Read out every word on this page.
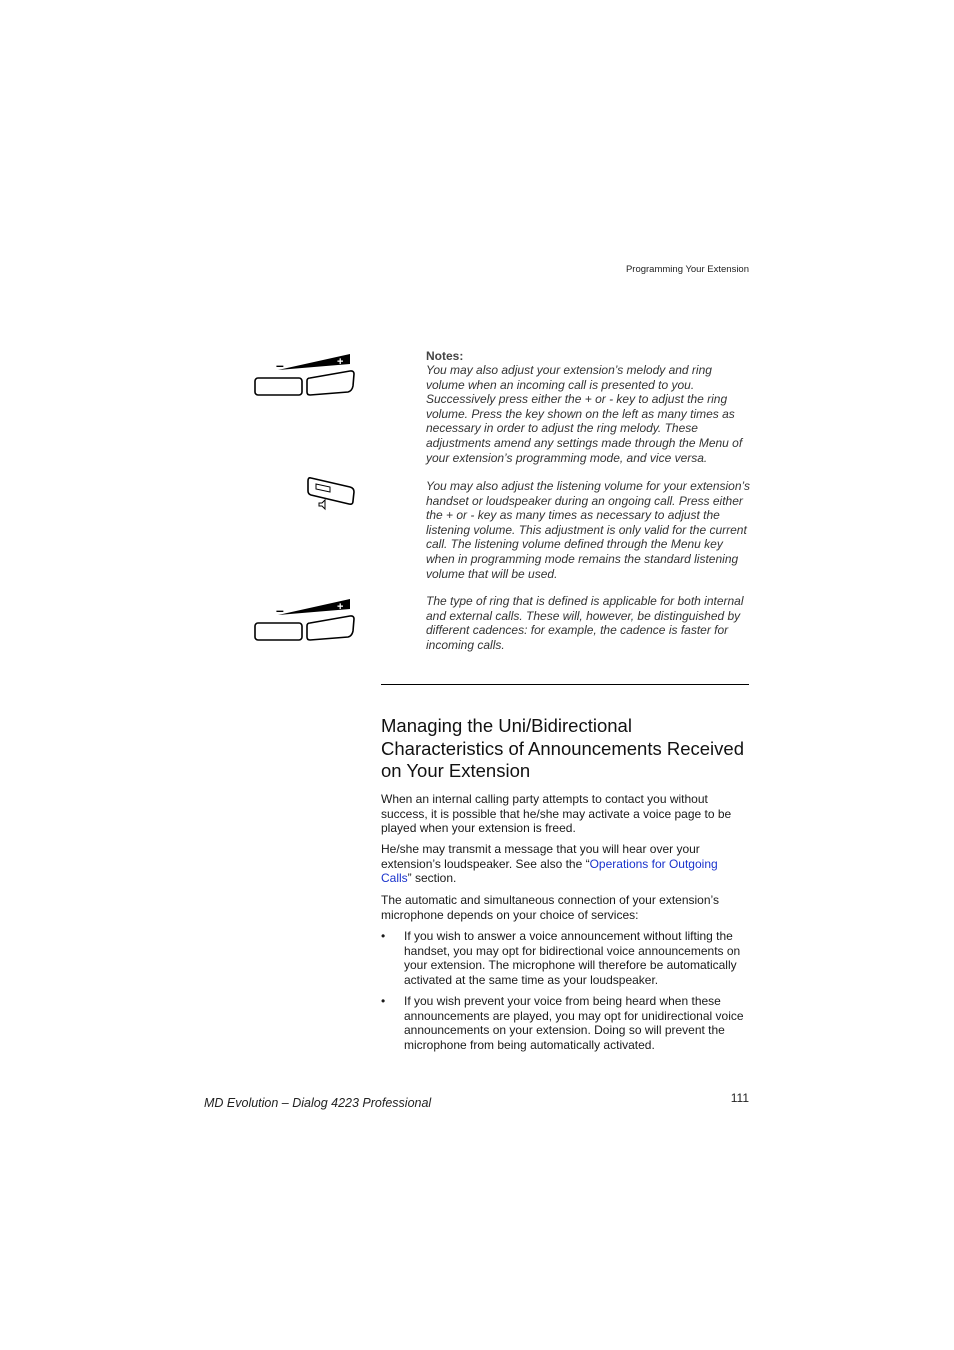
Programming Your Extension
–	+
–	+
Notes:
You may also adjust your extension’s melody and ring volume when an incoming call is presented to you. Successively press either the + or - key to adjust the ring volume. Press the key shown on the left as many times as necessary in order to adjust the ring melody. These adjustments amend any settings made through the Menu of your extension’s programming mode, and vice versa.
You may also adjust the listening volume for your extension’s handset or loudspeaker during an ongoing call. Press either the + or - key as many times as necessary to adjust the listening volume. This adjustment is only valid for the current call. The listening volume defined through the Menu key when in programming mode remains the standard listening volume that will be used.
The type of ring that is defined is applicable for both internal and external calls. These will, however, be distinguished by different cadences: for example, the cadence is faster for incoming calls.
Managing the Uni/Bidirectional Characteristics of Announcements Received on Your Extension
When an internal calling party attempts to contact you without success, it is possible that he/she may activate a voice page to be played when your extension is freed.
He/she may transmit a message that you will hear over your extension’s loudspeaker. See also the “Operations for Outgoing Calls” section.
The automatic and simultaneous connection of your extension’s microphone depends on your choice of services:
• If you wish to answer a voice announcement without lifting the handset, you may opt for bidirectional voice announcements on your extension. The microphone will therefore be automatically activated at the same time as your loudspeaker.
• If you wish prevent your voice from being heard when these announcements are played, you may opt for unidirectional voice announcements on your extension. Doing so will prevent the microphone from being automatically activated.
MD Evolution – Dialog 4223 Professional	111
